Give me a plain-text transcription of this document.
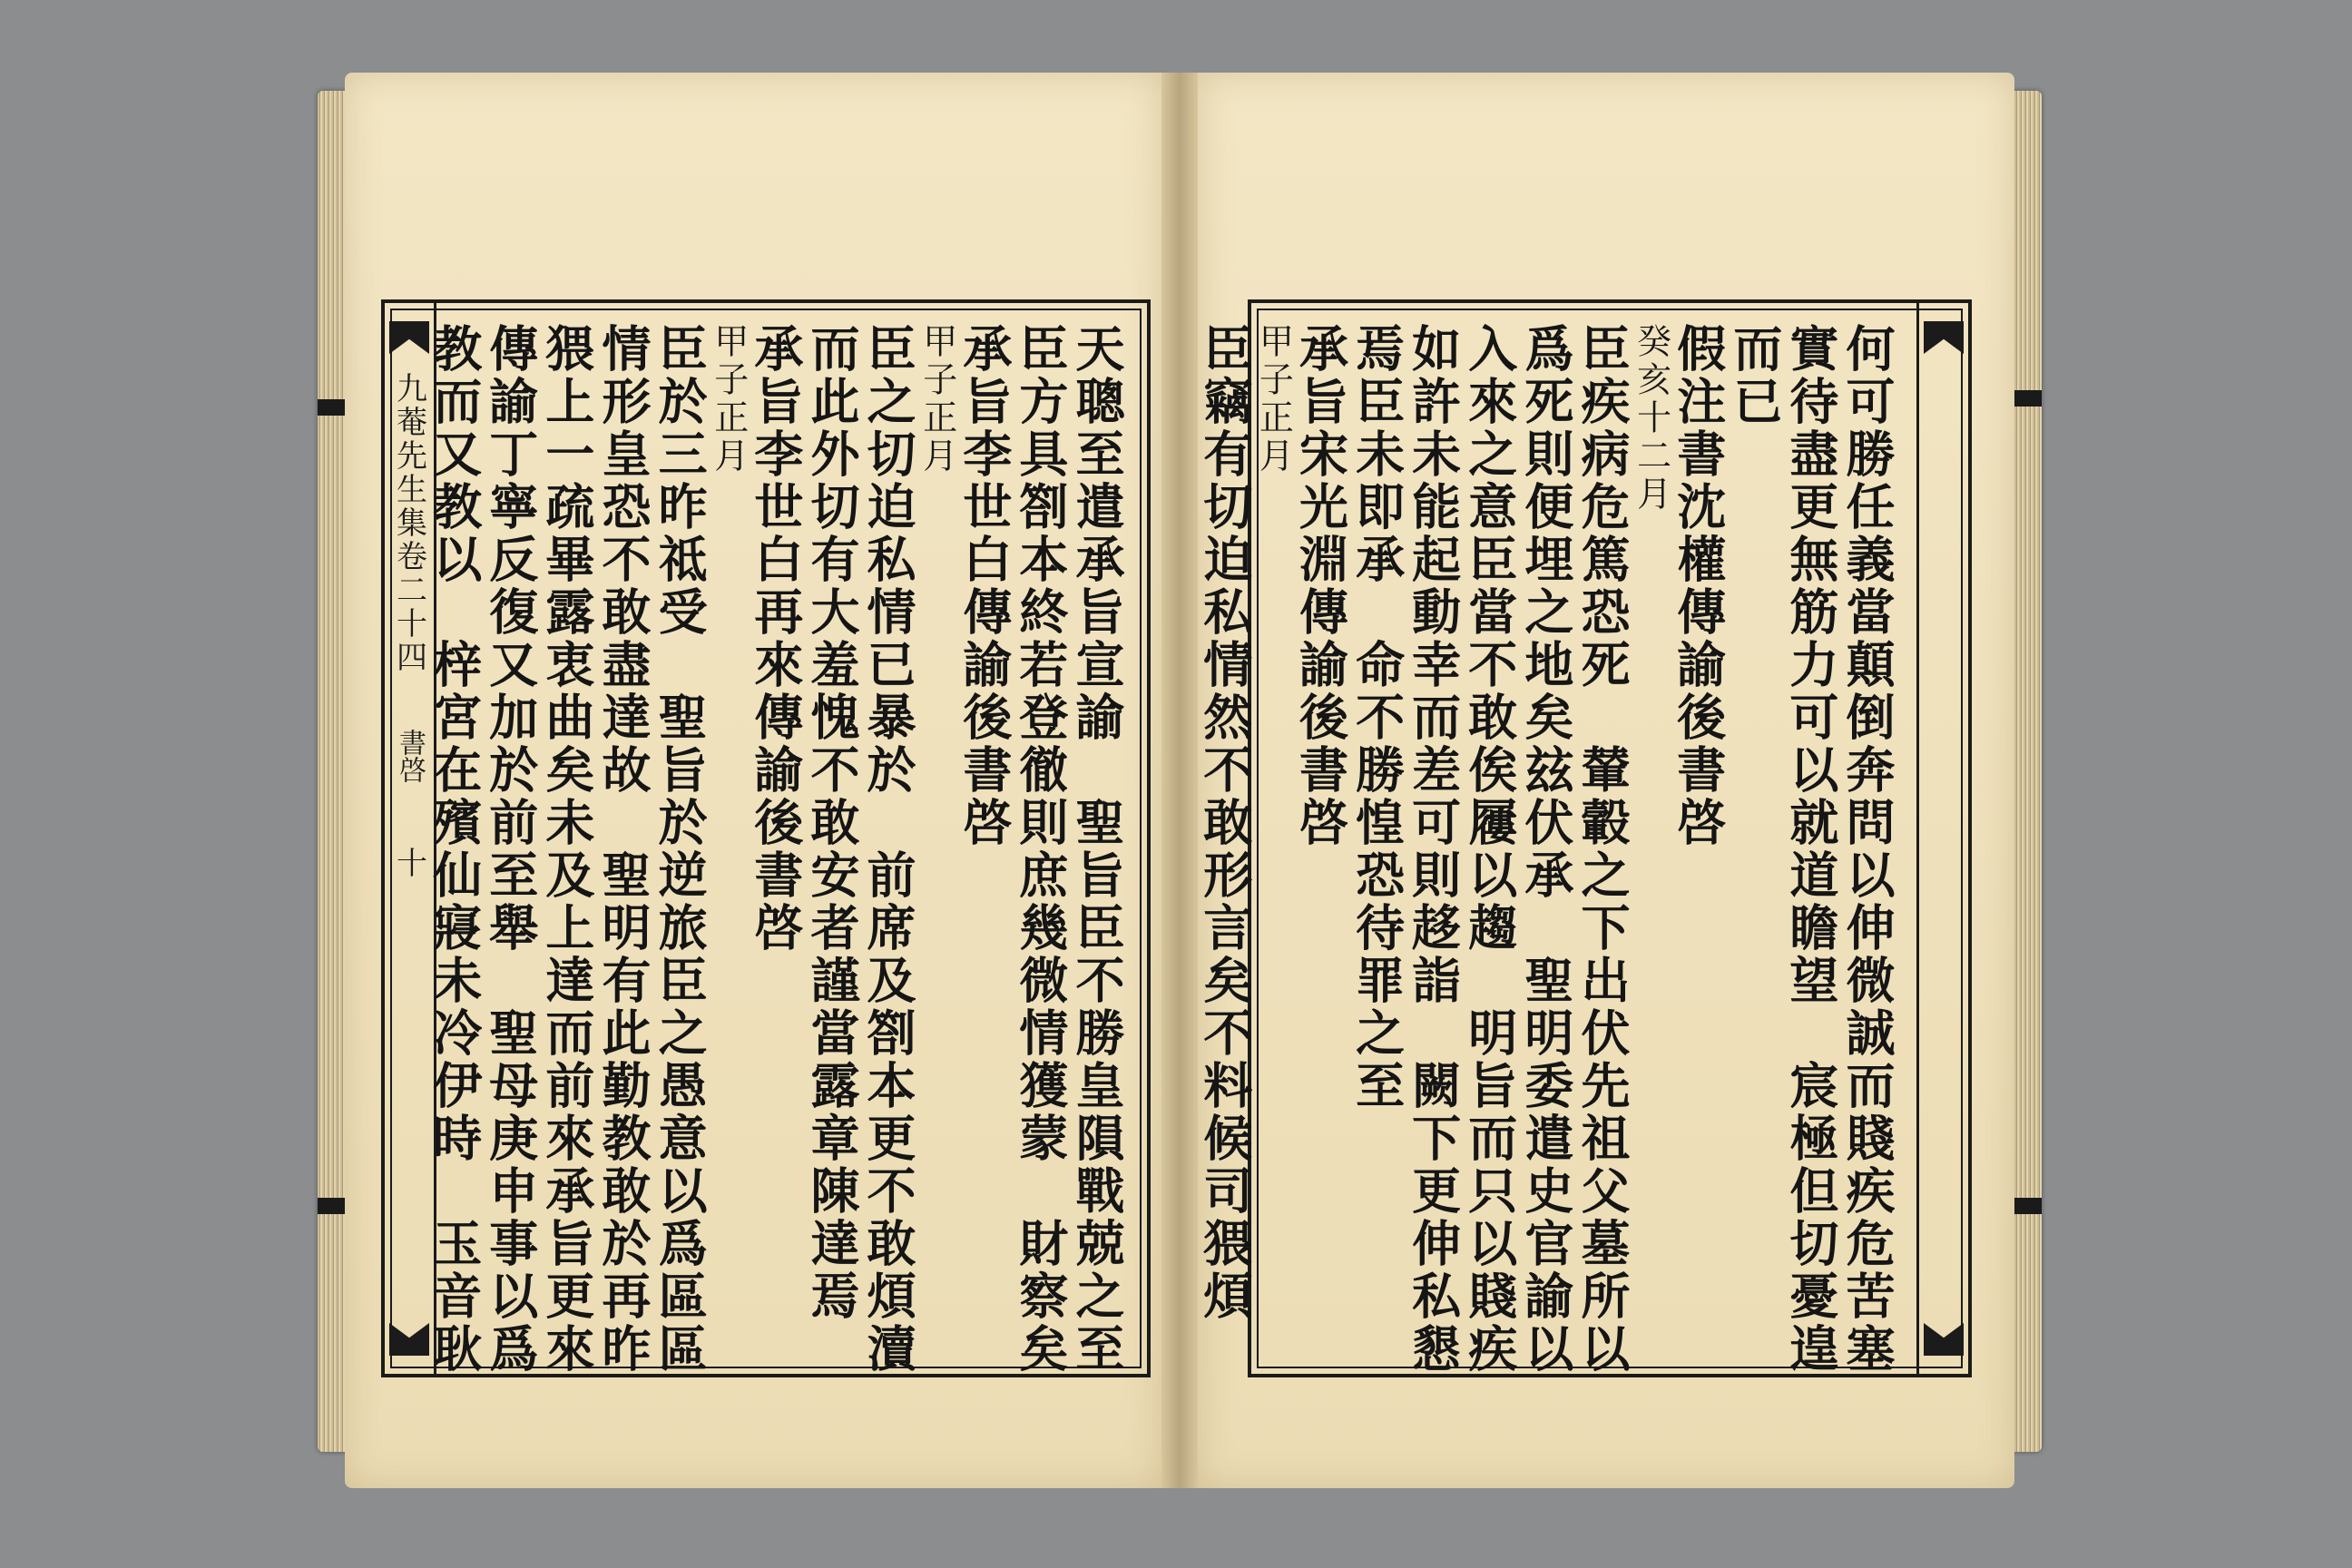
九菴先生集卷二十四
書啓
十	天聰至遣承旨宣諭　聖旨臣不勝皇隕戰兢之至
臣方具劄本終若登徹則庶幾微情獲蒙　財察矣
承旨李世白傳諭後書啓
甲子正月
臣之切迫私情已暴於　前席及劄本更不敢煩瀆
而此外切有大羞愧不敢安者謹當露章陳達焉
承旨李世白再來傳諭後書啓
甲子正月
臣於三昨祗受　聖旨於逆旅臣之愚意以爲區區
情形皇恐不敢盡達故　聖明有此勤教敢於再昨
猥上一疏畢露衷曲矣未及上達而前來承旨更來
傳諭丁寧反復又加於前至舉　聖母庚申事以爲
教而又教以　梓宮在殯仙寢未冷伊時　玉音耿	何可勝任義當顛倒奔問以伸微誠而賤疾危苦塞
實待盡更無筋力可以就道瞻望　宸極但切憂遑
而已
假注書沈權傳諭後書啓
癸亥十二月
臣疾病危篤恐死　輦轂之下出伏先祖父墓所以
爲死則便埋之地矣玆伏承　聖明委遣史官諭以
入來之意臣當不敢俟屨以趨　明旨而只以賤疾
如許未能起動幸而差可則趍詣　闕下更伸私懇
焉臣未即承　命不勝惶恐待罪之至
承旨宋光淵傳諭後書啓
甲子正月
臣竊有切迫私情然不敢形言矣不料候司猥煩
